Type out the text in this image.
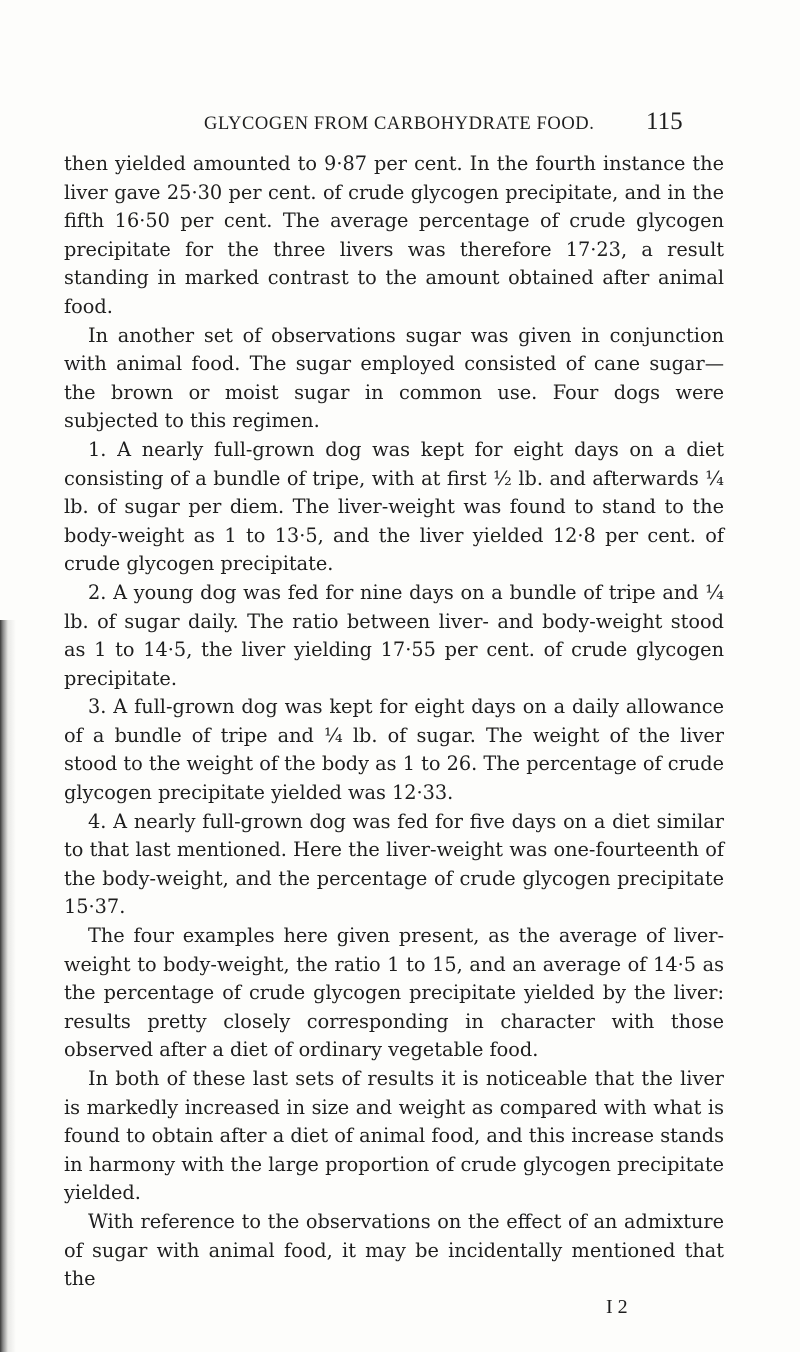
GLYCOGEN FROM CARBOHYDRATE FOOD. 115

then yielded amounted to 9·87 per cent. In the fourth instance the liver gave 25·30 per cent. of crude glycogen precipitate, and in the fifth 16·50 per cent. The average percentage of crude glycogen precipitate for the three livers was therefore 17·23, a result standing in marked contrast to the amount obtained after animal food.

In another set of observations sugar was given in conjunction with animal food. The sugar employed consisted of cane sugar—the brown or moist sugar in common use. Four dogs were subjected to this regimen.

1. A nearly full-grown dog was kept for eight days on a diet consisting of a bundle of tripe, with at first ½ lb. and afterwards ¼ lb. of sugar per diem. The liver-weight was found to stand to the body-weight as 1 to 13·5, and the liver yielded 12·8 per cent. of crude glycogen precipitate.

2. A young dog was fed for nine days on a bundle of tripe and ¼ lb. of sugar daily. The ratio between liver- and body-weight stood as 1 to 14·5, the liver yielding 17·55 per cent. of crude glycogen precipitate.

3. A full-grown dog was kept for eight days on a daily allowance of a bundle of tripe and ¼ lb. of sugar. The weight of the liver stood to the weight of the body as 1 to 26. The percentage of crude glycogen precipitate yielded was 12·33.

4. A nearly full-grown dog was fed for five days on a diet similar to that last mentioned. Here the liver-weight was one-fourteenth of the body-weight, and the percentage of crude glycogen precipitate 15·37.

The four examples here given present, as the average of liver-weight to body-weight, the ratio 1 to 15, and an average of 14·5 as the percentage of crude glycogen precipitate yielded by the liver: results pretty closely corresponding in character with those observed after a diet of ordinary vegetable food.

In both of these last sets of results it is noticeable that the liver is markedly increased in size and weight as compared with what is found to obtain after a diet of animal food, and this increase stands in harmony with the large proportion of crude glycogen precipitate yielded.

With reference to the observations on the effect of an admixture of sugar with animal food, it may be incidentally mentioned that the

I 2
